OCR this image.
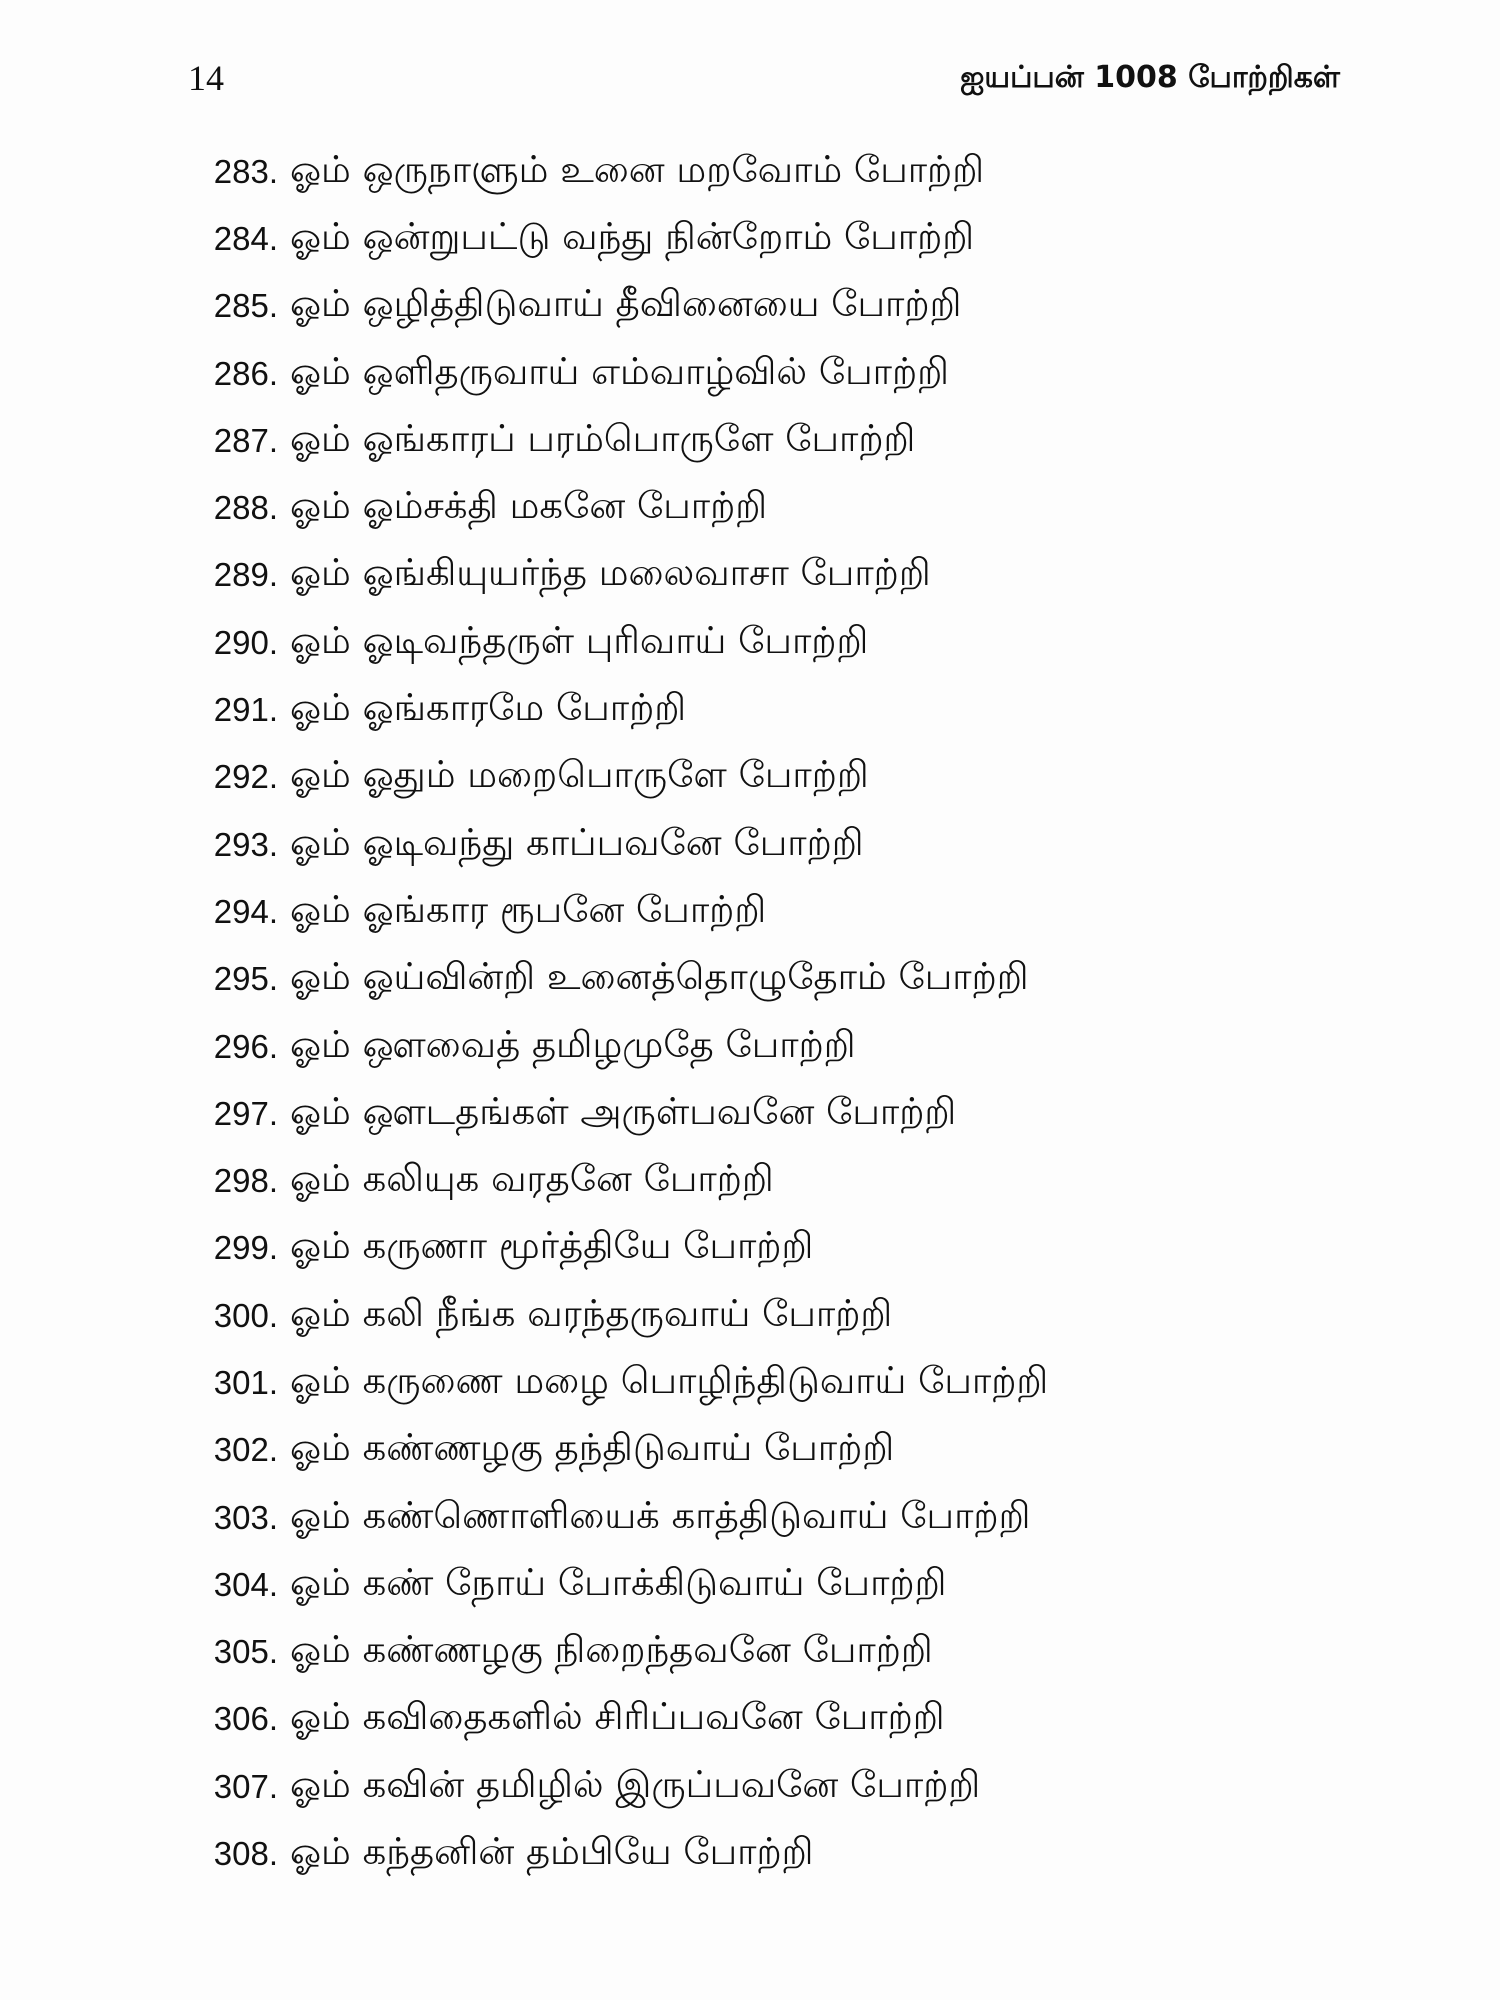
14	ஐயப்பன் 1008 போற்றிகள்
283. ஓம் ஒருநாளும் உனை மறவோம் போற்றி
284. ஓம் ஒன்றுபட்டு வந்து நின்றோம் போற்றி
285. ஓம் ஒழித்திடுவாய் தீவினையை போற்றி
286. ஓம் ஒளிதருவாய் எம்வாழ்வில் போற்றி
287. ஓம் ஓங்காரப் பரம்பொருளே போற்றி
288. ஓம் ஓம்சக்தி மகனே போற்றி
289. ஓம் ஓங்கியுயர்ந்த மலைவாசா போற்றி
290. ஓம் ஓடிவந்தருள் புரிவாய் போற்றி
291. ஓம் ஓங்காரமே போற்றி
292. ஓம் ஓதும் மறைபொருளே போற்றி
293. ஓம் ஓடிவந்து காப்பவனே போற்றி
294. ஓம் ஓங்கார ரூபனே போற்றி
295. ஓம் ஓய்வின்றி உனைத்தொழுதோம் போற்றி
296. ஓம் ஔவைத் தமிழமுதே போற்றி
297. ஓம் ஔடதங்கள் அருள்பவனே போற்றி
298. ஓம் கலியுக வரதனே போற்றி
299. ஓம் கருணா மூர்த்தியே போற்றி
300. ஓம் கலி நீங்க வரந்தருவாய் போற்றி
301. ஓம் கருணை மழை பொழிந்திடுவாய் போற்றி
302. ஓம் கண்ணழகு தந்திடுவாய் போற்றி
303. ஓம் கண்ணொளியைக் காத்திடுவாய் போற்றி
304. ஓம் கண் நோய் போக்கிடுவாய் போற்றி
305. ஓம் கண்ணழகு நிறைந்தவனே போற்றி
306. ஓம் கவிதைகளில் சிரிப்பவனே போற்றி
307. ஓம் கவின் தமிழில் இருப்பவனே போற்றி
308. ஓம் கந்தனின் தம்பியே போற்றி
